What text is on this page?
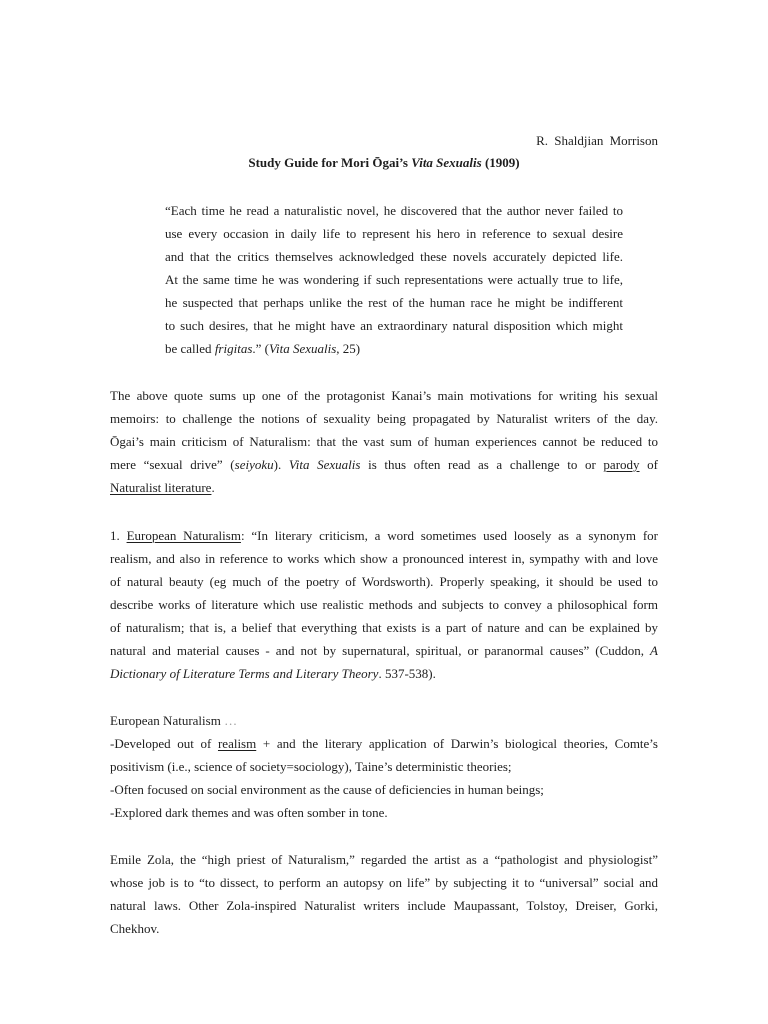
R. Shaldjian Morrison
Study Guide for Mori Ōgai’s Vita Sexualis (1909)
“Each time he read a naturalistic novel, he discovered that the author never failed to
use every occasion in daily life to represent his hero in reference to sexual desire
and that the critics themselves acknowledged these novels accurately depicted life.
At the same time he was wondering if such representations were actually true to life,
he suspected that perhaps unlike the rest of the human race he might be indifferent
to such desires, that he might have an extraordinary natural disposition which might
be called frigitas.” (Vita Sexualis, 25)
The above quote sums up one of the protagonist Kanai’s main motivations for writing his sexual
memoirs: to challenge the notions of sexuality being propagated by Naturalist writers of the day.
Ōgai’s main criticism of Naturalism: that the vast sum of human experiences cannot be reduced to
mere “sexual drive” (seiyoku). Vita Sexualis is thus often read as a challenge to or parody of
Naturalist literature.
1. European Naturalism: “In literary criticism, a word sometimes used loosely as a synonym for
realism, and also in reference to works which show a pronounced interest in, sympathy with and love
of natural beauty (eg much of the poetry of Wordsworth). Properly speaking, it should be used to
describe works of literature which use realistic methods and subjects to convey a philosophical form
of naturalism; that is, a belief that everything that exists is a part of nature and can be explained by
natural and material causes - and not by supernatural, spiritual, or paranormal causes” (Cuddon, A
Dictionary of Literature Terms and Literary Theory. 537-538).
European Naturalism …
-Developed out of realism + and the literary application of Darwin’s biological theories, Comte’s
positivism (i.e., science of society=sociology), Taine’s deterministic theories;
-Often focused on social environment as the cause of deficiencies in human beings;
-Explored dark themes and was often somber in tone.
Emile Zola, the “high priest of Naturalism,” regarded the artist as a “pathologist and physiologist”
whose job is to “to dissect, to perform an autopsy on life” by subjecting it to “universal” social and
natural laws. Other Zola-inspired Naturalist writers include Maupassant, Tolstoy, Dreiser, Gorki,
Chekhov.
